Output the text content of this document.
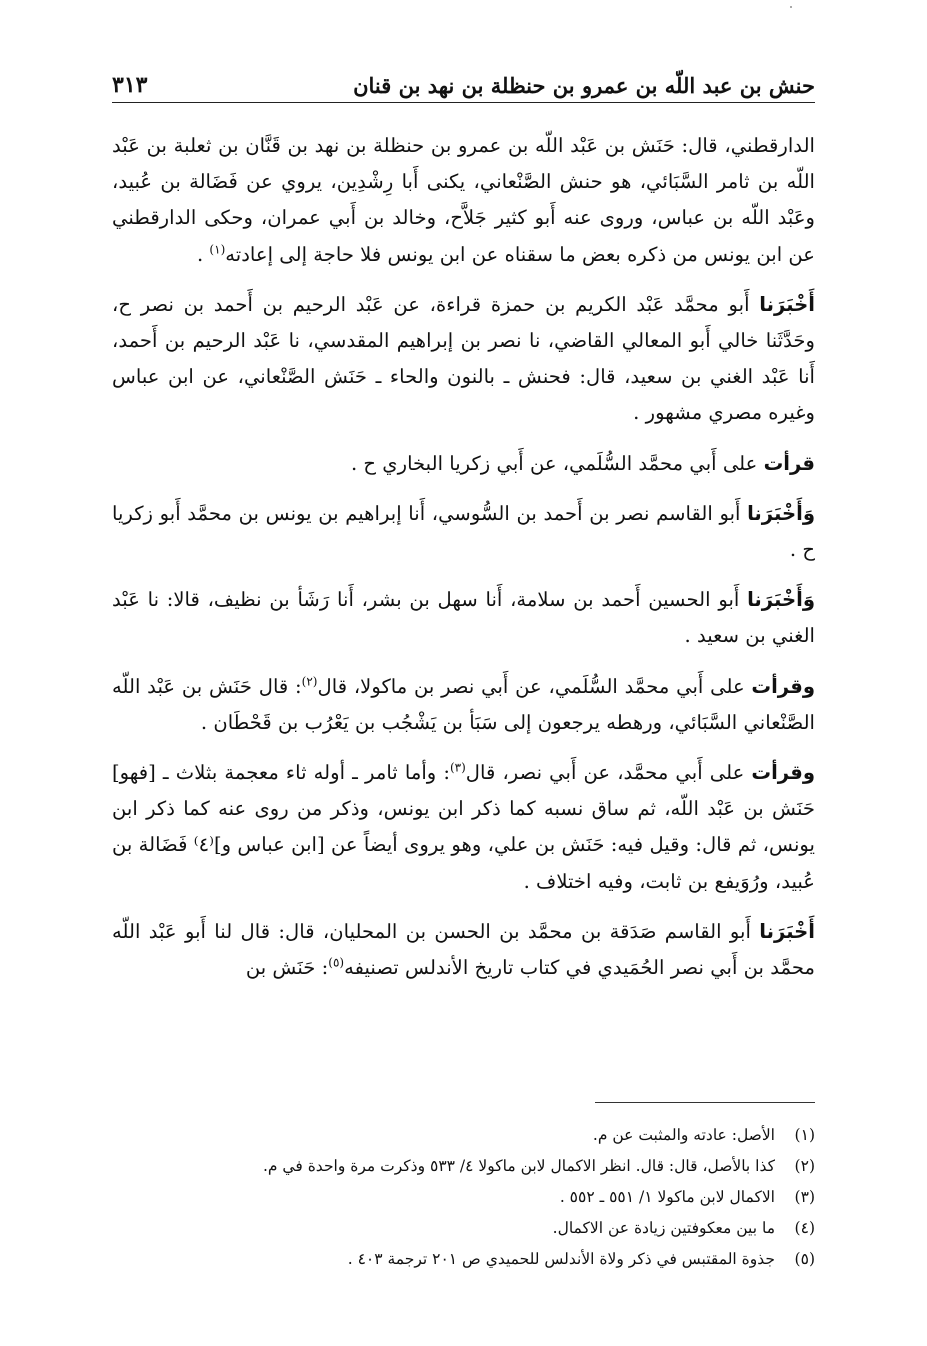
حنش بن عبد اللّه بن عمرو بن حنظلة بن نهد بن قنان
٣١٣

الدارقطني، قال: حَنَش بن عَبْد اللّه بن عمرو بن حنظلة بن نهد بن قَنَّان بن ثعلبة بن عَبْد اللّه بن ثامر السَّبَائي، هو حنش الصَّنْعاني، يكنى أَبا رِشْدِين، يروي عن فَضَالة بن عُبيد، وعَبْد اللّه بن عباس، وروى عنه أَبو كثير جَلاَّح، وخالد بن أَبي عمران، وحكى الدارقطني عن ابن يونس من ذكره بعض ما سقناه عن ابن يونس فلا حاجة إلى إعادته$^{(١)}$ .

أَخْبَرَنا أَبو محمَّد عَبْد الكريم بن حمزة قراءة، عن عَبْد الرحيم بن أَحمد بن نصر ح، وحَدَّثَنا خالي أَبو المعالي القاضي، نا نصر بن إبراهيم المقدسي، نا عَبْد الرحيم بن أَحمد، أَنا عَبْد الغني بن سعيد، قال: فحنش ـ بالنون والحاء ـ حَنَش الصَّنْعاني، عن ابن عباس وغيره مصري مشهور .

قرأت على أَبي محمَّد السُّلَمي، عن أَبي زكريا البخاري ح .

وَأَخْبَرَنا أَبو القاسم نصر بن أَحمد بن السُّوسي، أَنا إبراهيم بن يونس بن محمَّد أَبو زكريا ح .

وَأَخْبَرَنا أَبو الحسين أَحمد بن سلامة، أَنا سهل بن بشر، أَنا رَشَأ بن نظيف، قالا: نا عَبْد الغني بن سعيد .

وقرأت على أَبي محمَّد السُّلَمي، عن أَبي نصر بن ماكولا، قال$^{(٢)}$: قال حَنَش بن عَبْد اللّه الصَّنْعاني السَّبَائي، ورهطه يرجعون إلى سَبَأ بن يَشْجُب بن يَعْرُب بن قَحْطَان .

وقرأت على أَبي محمَّد، عن أَبي نصر، قال$^{(٣)}$: وأما ثامر ـ أوله ثاء معجمة بثلاث ـ [فهو] حَنَش بن عَبْد اللّه، ثم ساق نسبه كما ذكر ابن يونس، وذكر من روى عنه كما ذكر ابن يونس، ثم قال: وقيل فيه: حَنَش بن علي، وهو يروى أيضاً عن [ابن عباس و]⁽٤⁾ فَضَالة بن عُبيد، ورُوَيفع بن ثابت، وفيه اختلاف .

أَخْبَرَنا أَبو القاسم صَدَقة بن محمَّد بن الحسن بن المحليان، قال: قال لنا أَبو عَبْد اللّه محمَّد بن أَبي نصر الحُمَيدي في كتاب تاريخ الأندلس تصنيفه$^{(٥)}$: حَنَش بن

(١)
الأصل: عادته والمثبت عن م.
(٢)
كذا بالأصل، قال: قال. انظر الاكمال لابن ماكولا ٤/ ٥٣٣ وذكرت مرة واحدة في م.
(٣)
الاكمال لابن ماكولا ١/ ٥٥١ ـ ٥٥٢ .
(٤)
ما بين معكوفتين زيادة عن الاكمال.
(٥)
جذوة المقتبس في ذكر ولاة الأندلس للحميدي ص ٢٠١ ترجمة ٤٠٣ .
